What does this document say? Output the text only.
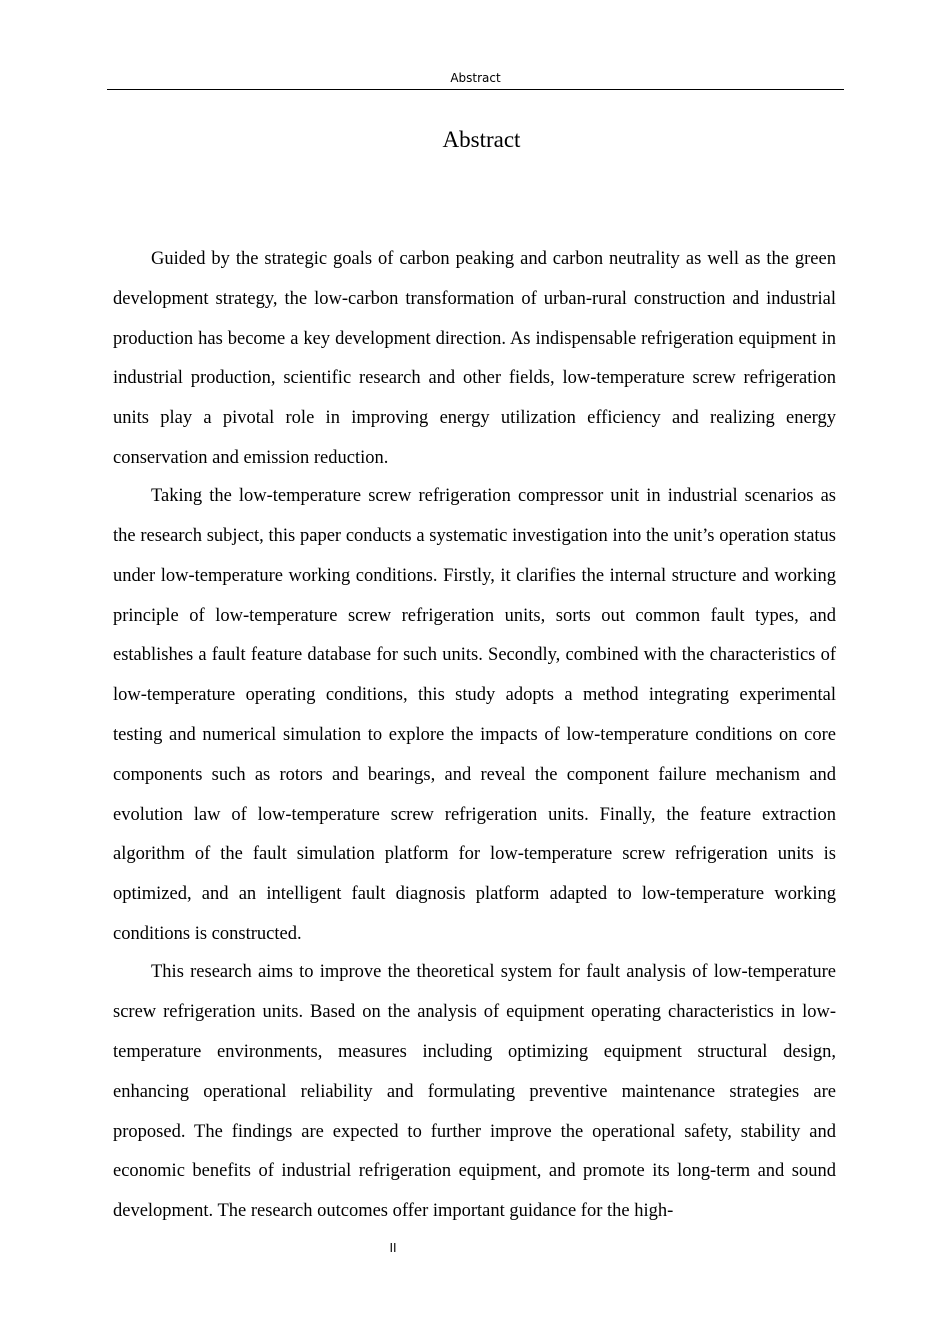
Abstract
Abstract

Guided by the strategic goals of carbon peaking and carbon neutrality as well as the green development strategy, the low-carbon transformation of urban-rural construction and industrial production has become a key development direction. As indispensable refrigeration equipment in industrial production, scientific research and other fields, low-temperature screw refrigeration units play a pivotal role in improving energy utilization efficiency and realizing energy conservation and emission reduction.

Taking the low-temperature screw refrigeration compressor unit in industrial scenarios as the research subject, this paper conducts a systematic investigation into the unit’s operation status under low-temperature working conditions. Firstly, it clarifies the internal structure and working principle of low-temperature screw refrigeration units, sorts out common fault types, and establishes a fault feature database for such units. Secondly, combined with the characteristics of low-temperature operating conditions, this study adopts a method integrating experimental testing and numerical simulation to explore the impacts of low-temperature conditions on core components such as rotors and bearings, and reveal the component failure mechanism and evolution law of low-temperature screw refrigeration units. Finally, the feature extraction algorithm of the fault simulation platform for low-temperature screw refrigeration units is optimized, and an intelligent fault diagnosis platform adapted to low-temperature working conditions is constructed.

This research aims to improve the theoretical system for fault analysis of low-temperature screw refrigeration units. Based on the analysis of equipment operating characteristics in low-temperature environments, measures including optimizing equipment structural design, enhancing operational reliability and formulating preventive maintenance strategies are proposed. The findings are expected to further improve the operational safety, stability and economic benefits of industrial refrigeration equipment, and promote its long-term and sound development. The research outcomes offer important guidance for the high-

II
